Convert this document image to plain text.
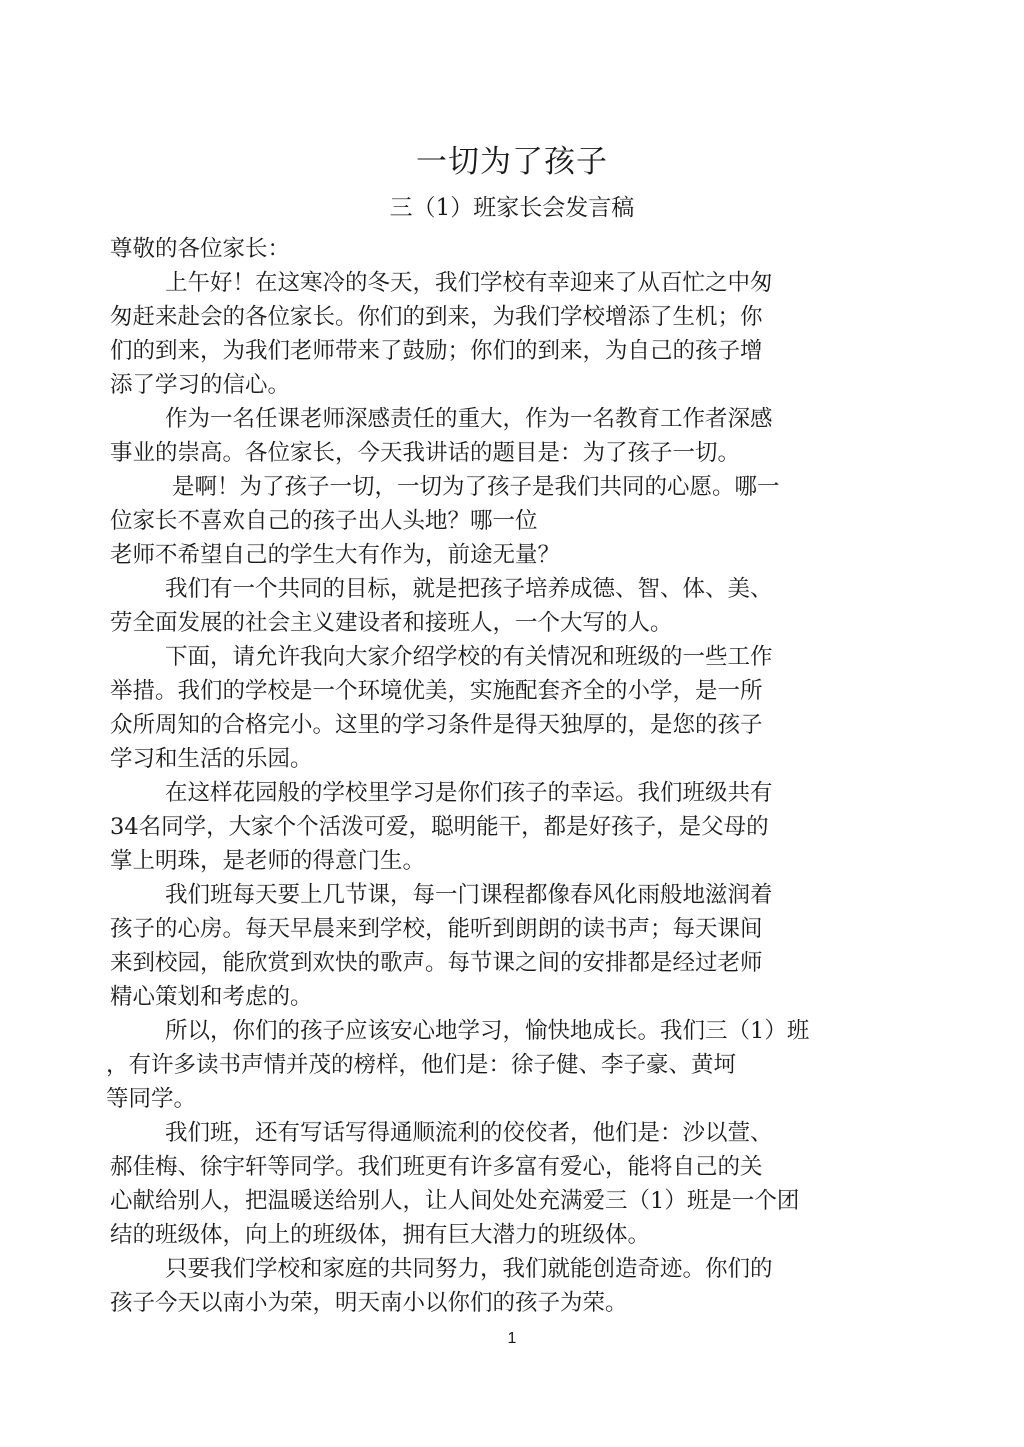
一切为了孩子
三（1）班家长会发言稿
尊敬的各位家长：
上午好！在这寒冷的冬天，我们学校有幸迎来了从百忙之中匆
匆赶来赴会的各位家长。你们的到来，为我们学校增添了生机；你
们的到来，为我们老师带来了鼓励；你们的到来，为自己的孩子增
添了学习的信心。
作为一名任课老师深感责任的重大，作为一名教育工作者深感
事业的崇高。各位家长，今天我讲话的题目是：为了孩子一切。
是啊！为了孩子一切，一切为了孩子是我们共同的心愿。哪一
位家长不喜欢自己的孩子出人头地？哪一位
老师不希望自己的学生大有作为，前途无量？
我们有一个共同的目标，就是把孩子培养成德、智、体、美、
劳全面发展的社会主义建设者和接班人，一个大写的人。
下面，请允许我向大家介绍学校的有关情况和班级的一些工作
举措。我们的学校是一个环境优美，实施配套齐全的小学，是一所
众所周知的合格完小。这里的学习条件是得天独厚的，是您的孩子
学习和生活的乐园。
在这样花园般的学校里学习是你们孩子的幸运。我们班级共有
34名同学，大家个个活泼可爱，聪明能干，都是好孩子，是父母的
掌上明珠，是老师的得意门生。
我们班每天要上几节课，每一门课程都像春风化雨般地滋润着
孩子的心房。每天早晨来到学校，能听到朗朗的读书声；每天课间
来到校园，能欣赏到欢快的歌声。每节课之间的安排都是经过老师
精心策划和考虑的。
所以，你们的孩子应该安心地学习，愉快地成长。我们三（1）班
，有许多读书声情并茂的榜样，他们是：徐子健、李子豪、黄坷
等同学。
我们班，还有写话写得通顺流利的佼佼者，他们是：沙以萱、
郝佳梅、徐宇轩等同学。我们班更有许多富有爱心，能将自己的关
心献给别人，把温暖送给别人，让人间处处充满爱三（1）班是一个团
结的班级体，向上的班级体，拥有巨大潜力的班级体。
只要我们学校和家庭的共同努力，我们就能创造奇迹。你们的
孩子今天以南小为荣，明天南小以你们的孩子为荣。
1
